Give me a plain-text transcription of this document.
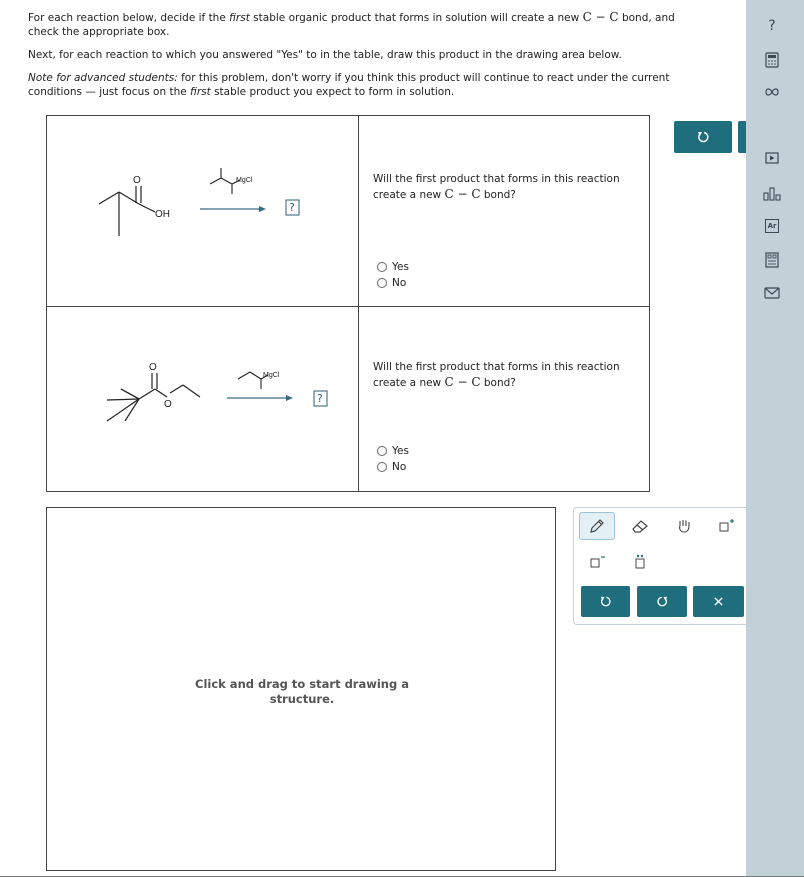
For each reaction below, decide if the first stable organic product that forms in solution will create a new C − C bond, and check the appropriate box.

Next, for each reaction to which you answered "Yes" to in the table, draw this product in the drawing area below.

Note for advanced students: for this problem, don't worry if you think this product will continue to react under the current conditions — just focus on the first stable product you expect to form in solution.

O
OH
MgCl
?
Will the first product that forms in this reaction create a new C − C bond?
Yes
No
O
O
MgCl
?
Will the first product that forms in this reaction create a new C − C bond?
Yes
No
Click and drag to start drawing a
structure.
?
Ar
